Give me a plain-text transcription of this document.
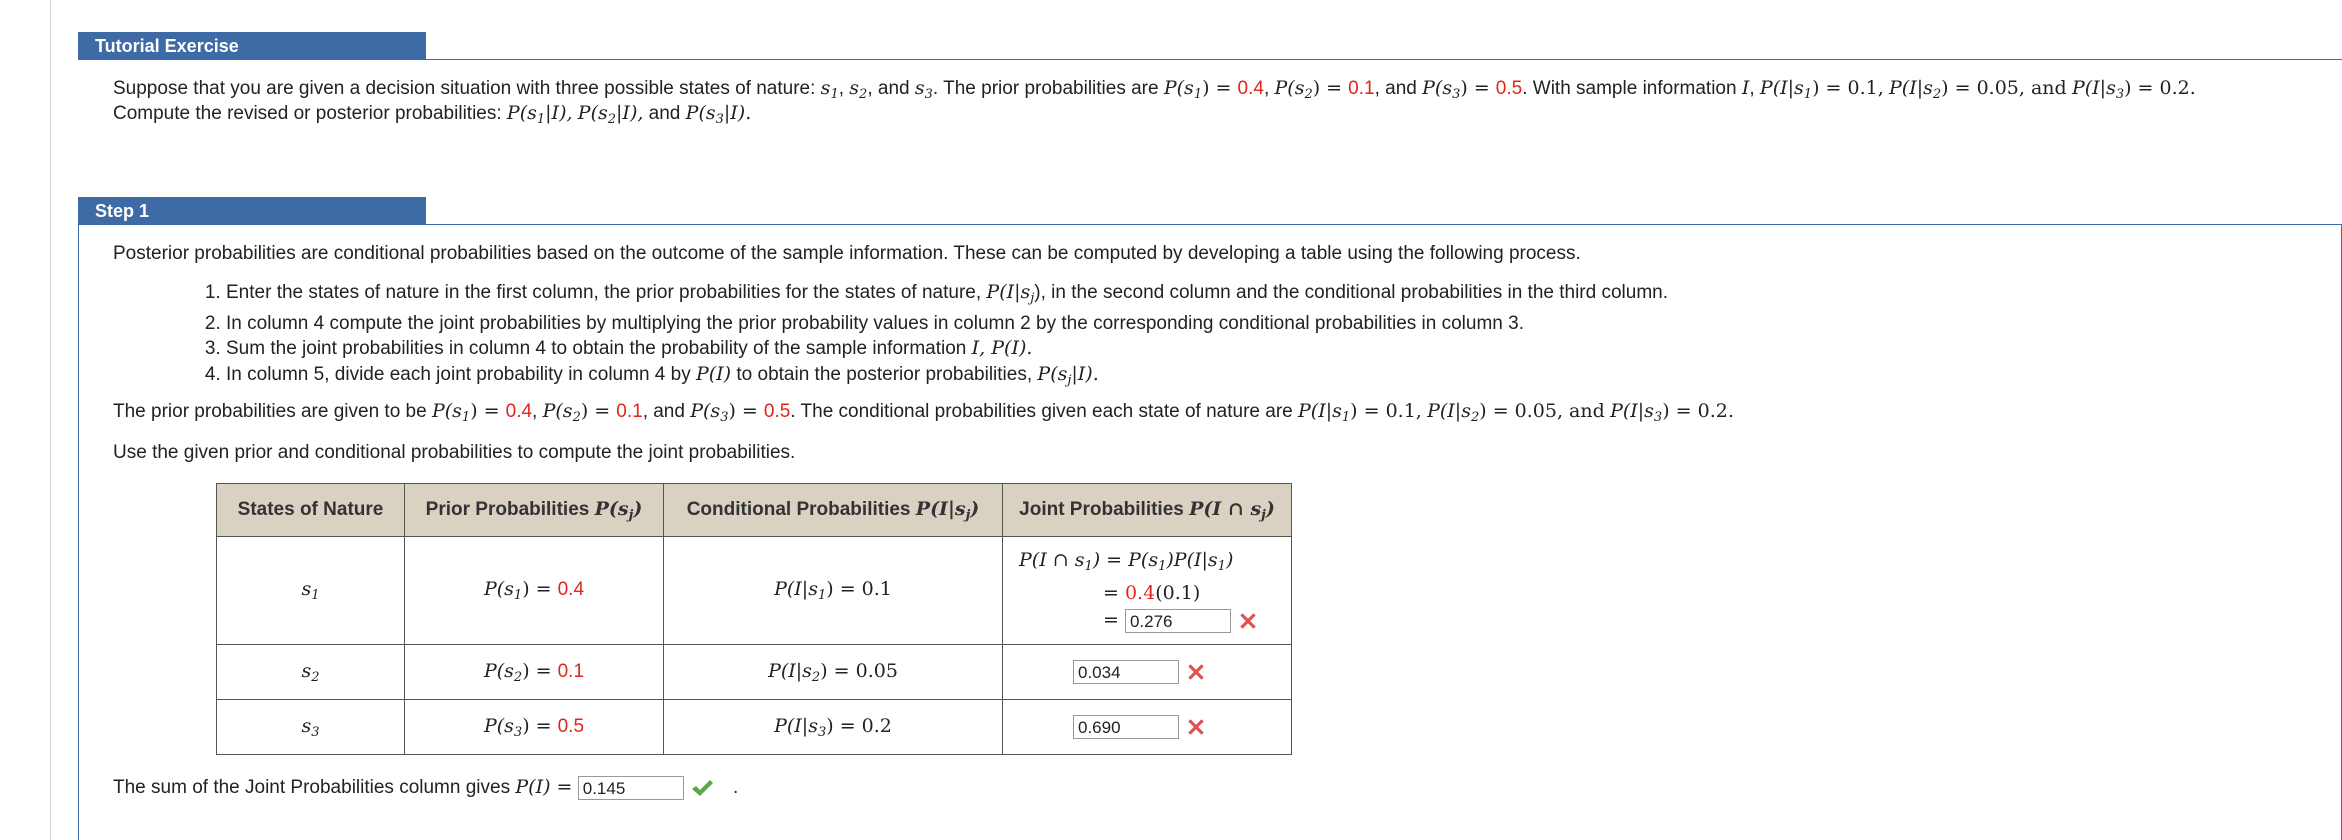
Tutorial Exercise
Suppose that you are given a decision situation with three possible states of nature: $s_1$, $s_2$, and $s_3$. The prior probabilities are $P(s_1) = 0.4$, $P(s_2) = 0.1$, and $P(s_3) = 0.5$. With sample information I, $P(I|s_1) = 0.1$, $P(I|s_2) = 0.05$, and $P(I|s_3) = 0.2$.
Compute the revised or posterior probabilities: $P(s_1|I)$, $P(s_2|I)$, and $P(s_3|I)$.
Step 1
Posterior probabilities are conditional probabilities based on the outcome of the sample information. These can be computed by developing a table using the following process.
1. Enter the states of nature in the first column, the prior probabilities for the states of nature, $P(I|s_j)$, in the second column and the conditional probabilities in the third column.
2. In column 4 compute the joint probabilities by multiplying the prior probability values in column 2 by the corresponding conditional probabilities in column 3.
3. Sum the joint probabilities in column 4 to obtain the probability of the sample information I, P(I).
4. In column 5, divide each joint probability in column 4 by P(I) to obtain the posterior probabilities, $P(s_j|I)$.
The prior probabilities are given to be $P(s_1) = 0.4$, $P(s_2) = 0.1$, and $P(s_3) = 0.5$. The conditional probabilities given each state of nature are $P(I|s_1) = 0.1$, $P(I|s_2) = 0.05$, and $P(I|s_3) = 0.2$.
Use the given prior and conditional probabilities to compute the joint probabilities.
States of Nature	Prior Probabilities $P(s_j)$	Conditional Probabilities $P(I|s_j)$	Joint Probabilities P(I ∩ $s_j$)
$s_1$	$P(s_1) = 0.4$	$P(I|s_1) = 0.1$	P(I ∩ $s_1) = P(s_1)P(I|s_1)$
= 0.4(0.1)
= 0.276

$s_2$	$P(s_2) = 0.1$	$P(I|s_2) = 0.05$	0.034
$s_3$	$P(s_3) = 0.5$	$P(I|s_3) = 0.2$	0.690
The sum of the Joint Probabilities column gives P(I) = 0.145	.
